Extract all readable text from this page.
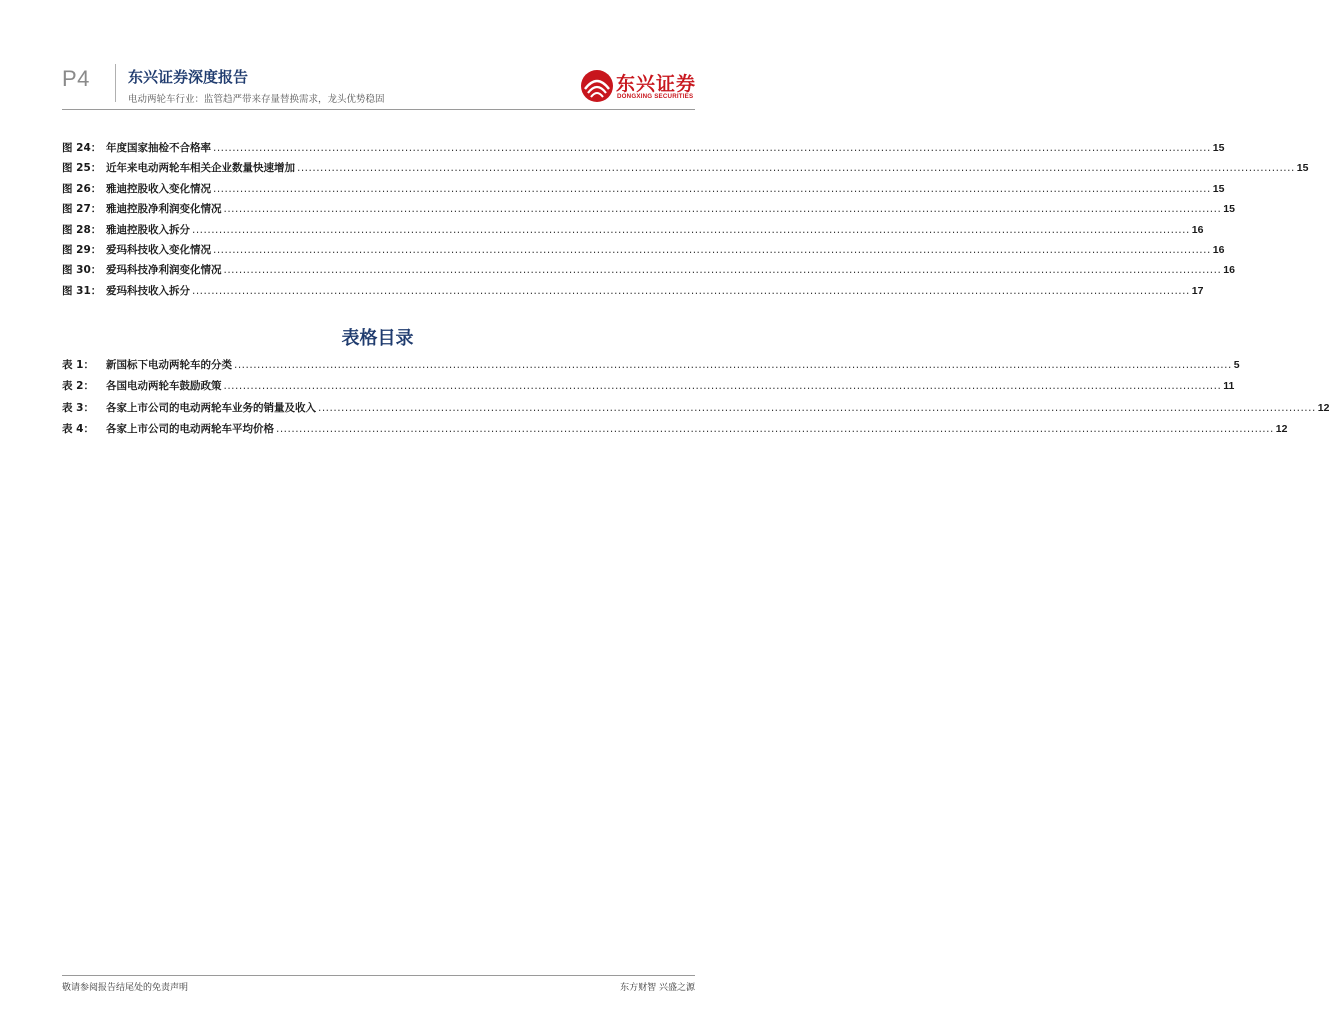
P4	东兴证券深度报告
电动两轮车行业：监管趋严带来存量替换需求，龙头优势稳固
东兴证券
DONGXING SECURITIES
图 24： 年度国家抽检不合格率 .................................................................................................................................................................................................................................................................... 15
图 25： 近年来电动两轮车相关企业数量快速增加 .................................................................................................................................................................................................................................................................... 15
图 26： 雅迪控股收入变化情况 .................................................................................................................................................................................................................................................................... 15
图 27： 雅迪控股净利润变化情况 .................................................................................................................................................................................................................................................................... 15
图 28： 雅迪控股收入拆分 .................................................................................................................................................................................................................................................................... 16
图 29： 爱玛科技收入变化情况 .................................................................................................................................................................................................................................................................... 16
图 30： 爱玛科技净利润变化情况 .................................................................................................................................................................................................................................................................... 16
图 31： 爱玛科技收入拆分 .................................................................................................................................................................................................................................................................... 17
表格目录
表 1：	新国标下电动两轮车的分类 .................................................................................................................................................................................................................................................................... 5
表 2：	各国电动两轮车鼓励政策 .................................................................................................................................................................................................................................................................... 11
表 3：	各家上市公司的电动两轮车业务的销量及收入 .................................................................................................................................................................................................................................................................... 12
表 4：	各家上市公司的电动两轮车平均价格 .................................................................................................................................................................................................................................................................... 12
敬请参阅报告结尾处的免责声明	东方财智 兴盛之源
